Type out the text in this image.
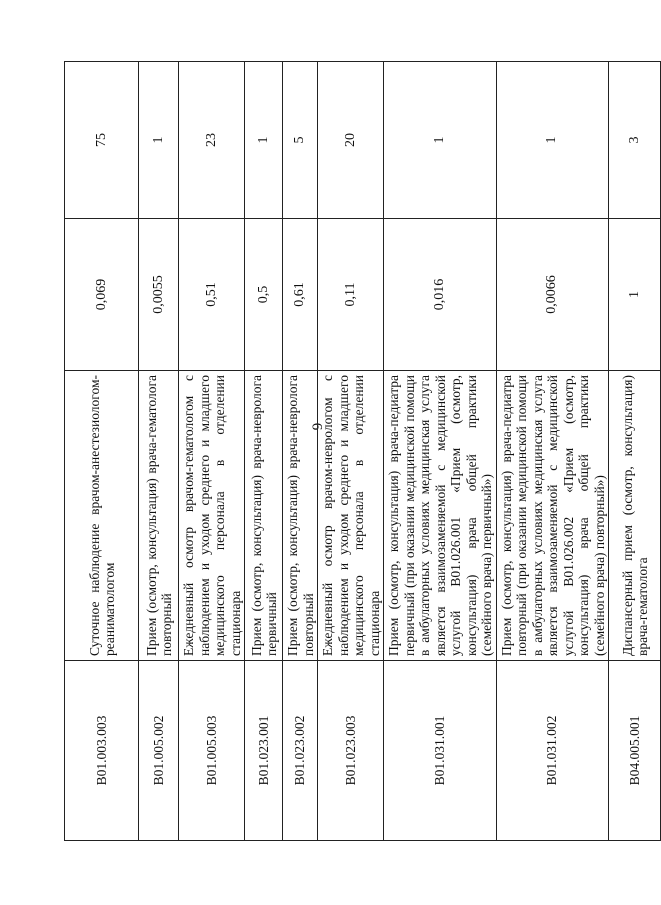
6
B01.003.003	Суточное наблюдение врачом-анестезиологом-реаниматологом	0,069	75
B01.005.002	Прием (осмотр, консультация) врача-гематолога повторный	0,0055	1
B01.005.003	Ежедневный осмотр врачом-гематологом с наблюдением и уходом среднего и младшего медицинского персонала в отделении стационара	0,51	23
B01.023.001	Прием (осмотр, консультация) врача-невролога первичный	0,5	1
B01.023.002	Прием (осмотр, консультация) врача-невролога повторный	0,61	5
B01.023.003	Ежедневный осмотр врачом-неврологом с наблюдением и уходом среднего и младшего медицинского персонала в отделении стационара	0,11	20
B01.031.001	Прием (осмотр, консультация) врача-педиатра первичный (при оказании медицинской помощи в амбулаторных условиях медицинская услуга является взаимозаменяемой с медицинской услугой B01.026.001 «Прием (осмотр, консультация) врача общей практики (семейного врача) первичный»)	0,016	1
B01.031.002	Прием (осмотр, консультация) врача-педиатра повторный (при оказании медицинской помощи в амбулаторных условиях медицинская услуга является взаимозаменяемой с медицинской услугой B01.026.002 «Прием (осмотр, консультация) врача общей практики (семейного врача) повторный»)	0,0066	1
B04.005.001	Диспансерный прием (осмотр, консультация) врача-гематолога	1	3
